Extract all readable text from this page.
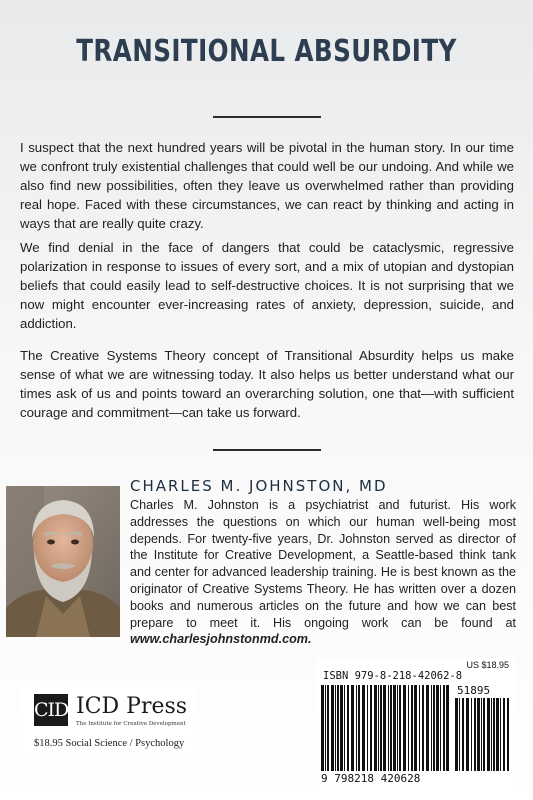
TRANSITIONAL ABSURDITY

I suspect that the next hundred years will be pivotal in the human story. In our time we confront truly existential challenges that could well be our undoing. And while we also find new possibilities, often they leave us overwhelmed rather than providing real hope. Faced with these circumstances, we can react by thinking and acting in ways that are really quite crazy.

We find denial in the face of dangers that could be cataclysmic, regressive polarization in response to issues of every sort, and a mix of utopian and dystopian beliefs that could easily lead to self-destructive choices. It is not surprising that we now might encounter ever-increasing rates of anxiety, depression, suicide, and addiction.

The Creative Systems Theory concept of Transitional Absurdity helps us make sense of what we are witnessing today. It also helps us better understand what our times ask of us and points toward an overarching solution, one that—with sufficient courage and commitment—can take us forward.

CHARLES M. JOHNSTON, MD

Charles M. Johnston is a psychiatrist and futurist. His work addresses the questions on which our human well-being most depends. For twenty-five years, Dr. Johnston served as director of the Institute for Creative Development, a Seattle-based think tank and center for advanced leadership training. He is best known as the originator of Creative Systems Theory. He has written over a dozen books and numerous articles on the future and how we can best prepare to meet it. His ongoing work can be found at www.charlesjohnstonmd.com.

CID ICD Press
The Institute for Creative Development
$18.95 Social Science / Psychology
US $18.95
ISBN 979-8-218-42062-8
51895
9 798218 420628
